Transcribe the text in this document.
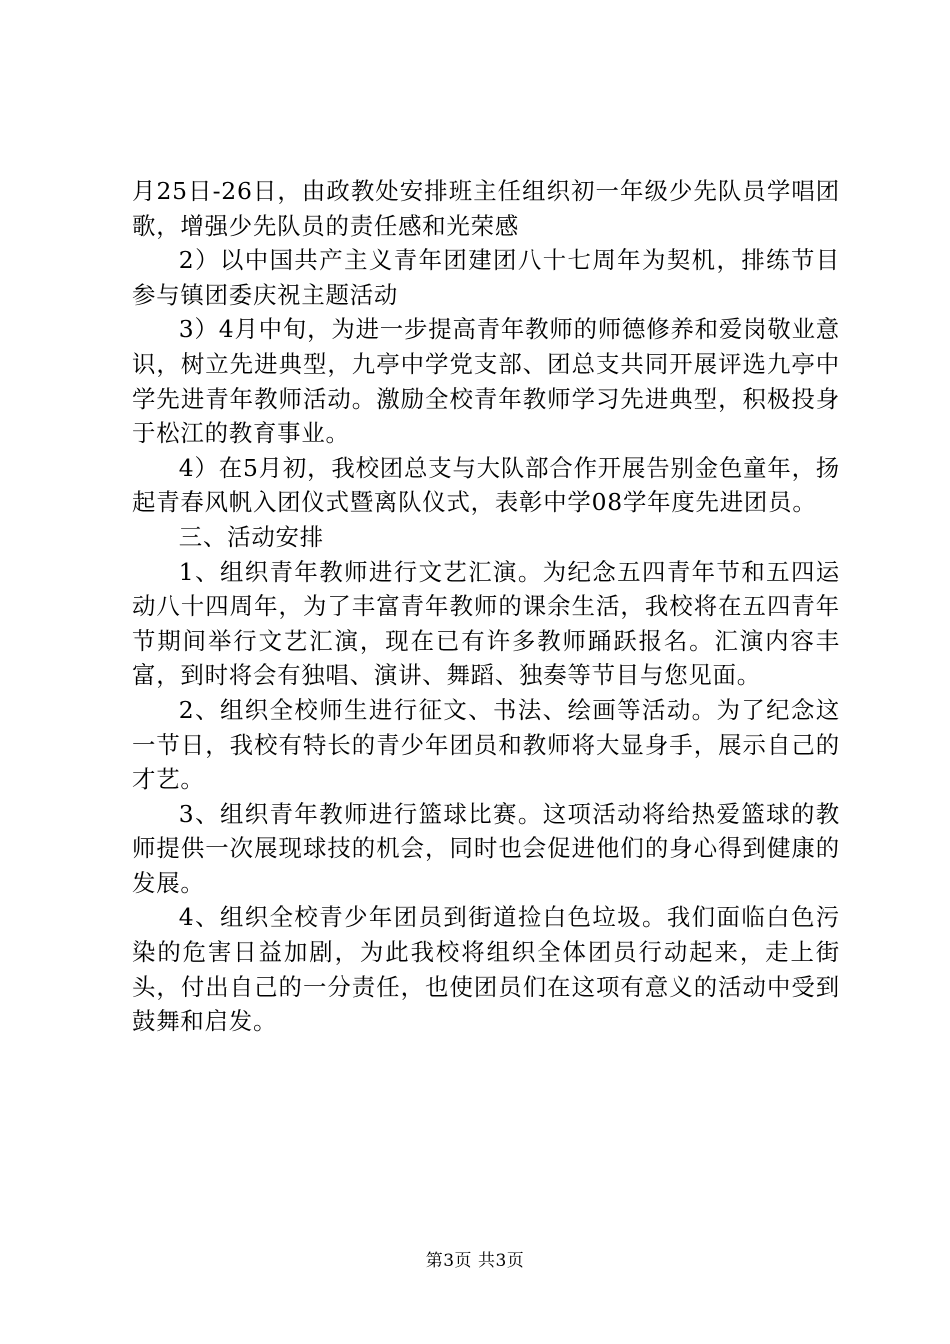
月25日-26日，由政教处安排班主任组织初一年级少先队员学唱团歌，增强少先队员的责任感和光荣感

2）以中国共产主义青年团建团八十七周年为契机，排练节目参与镇团委庆祝主题活动

3）4月中旬，为进一步提高青年教师的师德修养和爱岗敬业意识，树立先进典型，九亭中学党支部、团总支共同开展评选九亭中学先进青年教师活动。激励全校青年教师学习先进典型，积极投身于松江的教育事业。

4）在5月初，我校团总支与大队部合作开展告别金色童年，扬起青春风帆入团仪式暨离队仪式，表彰中学08学年度先进团员。

三、活动安排

1、组织青年教师进行文艺汇演。为纪念五四青年节和五四运动八十四周年，为了丰富青年教师的课余生活，我校将在五四青年节期间举行文艺汇演，现在已有许多教师踊跃报名。汇演内容丰富，到时将会有独唱、演讲、舞蹈、独奏等节目与您见面。

2、组织全校师生进行征文、书法、绘画等活动。为了纪念这一节日，我校有特长的青少年团员和教师将大显身手，展示自己的才艺。

3、组织青年教师进行篮球比赛。这项活动将给热爱篮球的教师提供一次展现球技的机会，同时也会促进他们的身心得到健康的发展。

4、组织全校青少年团员到街道捡白色垃圾。我们面临白色污染的危害日益加剧，为此我校将组织全体团员行动起来，走上街头，付出自己的一分责任，也使团员们在这项有意义的活动中受到鼓舞和启发。

第3页 共3页
